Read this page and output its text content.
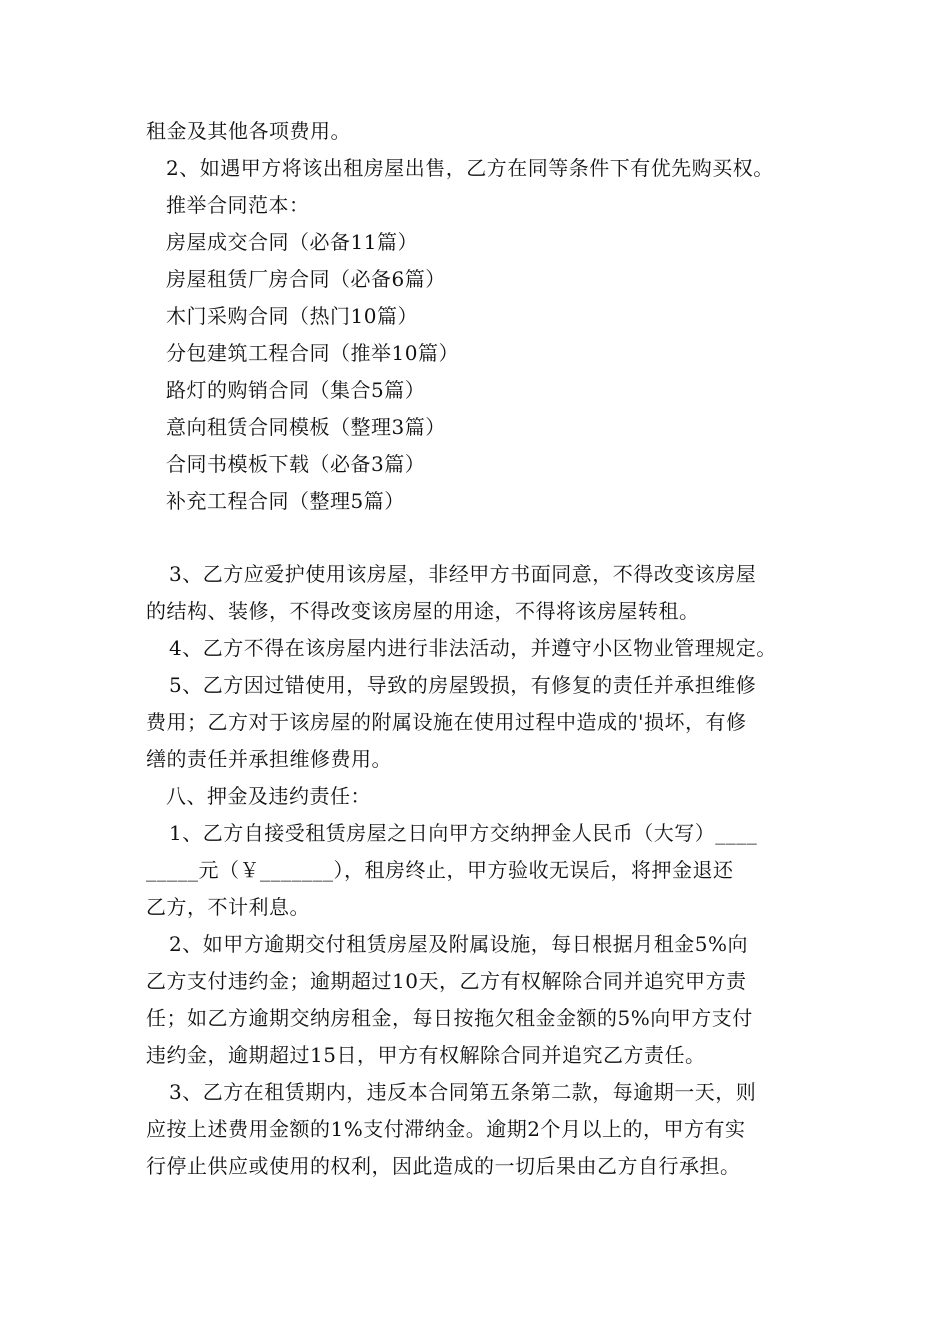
租金及其他各项费用。
2、如遇甲方将该出租房屋出售，乙方在同等条件下有优先购买权。
推举合同范本：
房屋成交合同（必备11篇）
房屋租赁厂房合同（必备6篇）
木门采购合同（热门10篇）
分包建筑工程合同（推举10篇）
路灯的购销合同（集合5篇）
意向租赁合同模板（整理3篇）
合同书模板下载（必备3篇）
补充工程合同（整理5篇）
3、乙方应爱护使用该房屋，非经甲方书面同意，不得改变该房屋
的结构、装修，不得改变该房屋的用途，不得将该房屋转租。
4、乙方不得在该房屋内进行非法活动，并遵守小区物业管理规定。
5、乙方因过错使用，导致的房屋毁损，有修复的责任并承担维修
费用；乙方对于该房屋的附属设施在使用过程中造成的'损坏，有修
缮的责任并承担维修费用。
八、押金及违约责任：
1、乙方自接受租赁房屋之日向甲方交纳押金人民币（大写）____
_____元（￥_______），租房终止，甲方验收无误后，将押金退还
乙方，不计利息。
2、如甲方逾期交付租赁房屋及附属设施，每日根据月租金5%向
乙方支付违约金；逾期超过10天，乙方有权解除合同并追究甲方责
任；如乙方逾期交纳房租金，每日按拖欠租金金额的5%向甲方支付
违约金，逾期超过15日，甲方有权解除合同并追究乙方责任。
3、乙方在租赁期内，违反本合同第五条第二款，每逾期一天，则
应按上述费用金额的1%支付滞纳金。逾期2个月以上的，甲方有实
行停止供应或使用的权利，因此造成的一切后果由乙方自行承担。
